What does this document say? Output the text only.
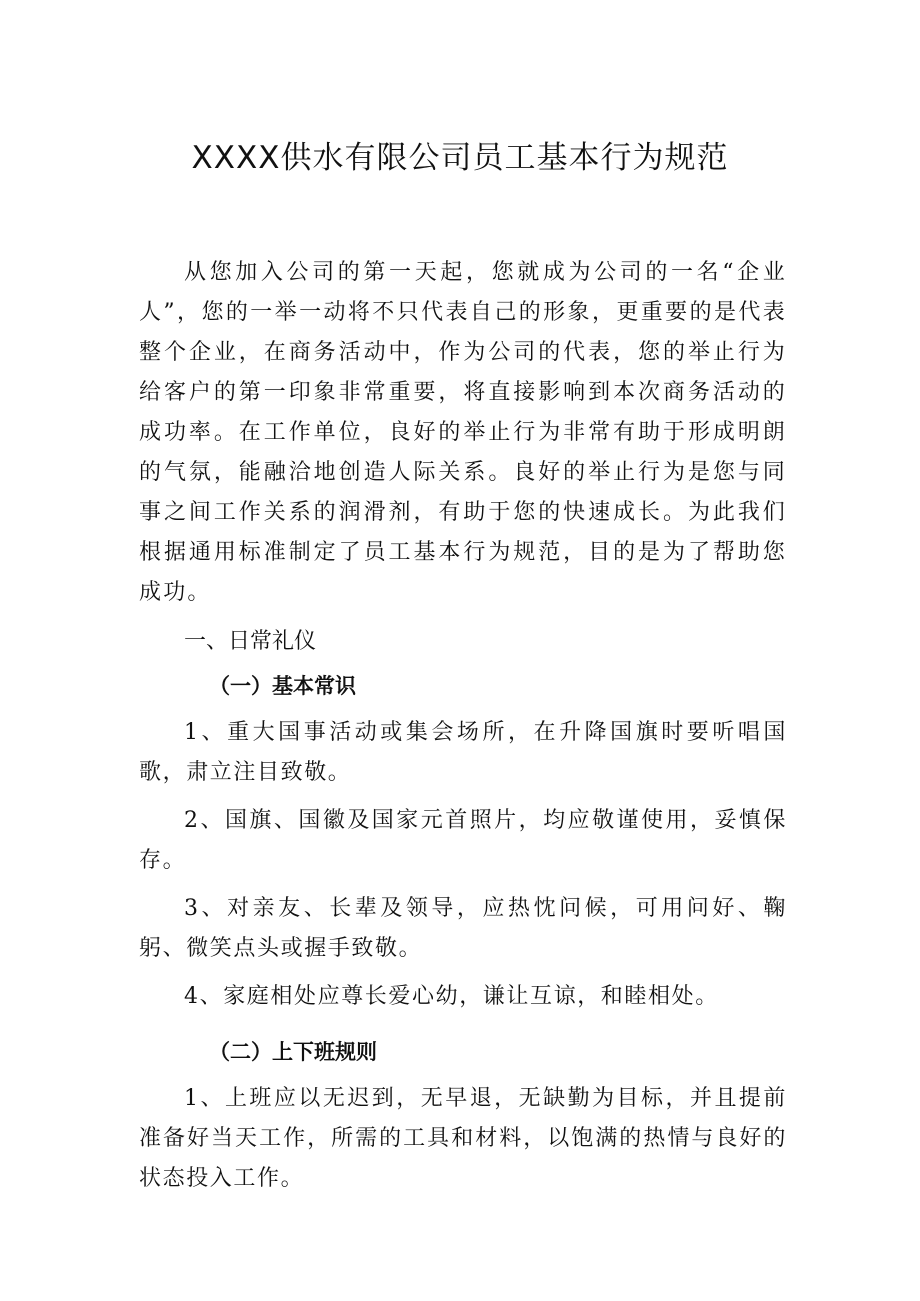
XXXX供水有限公司员工基本行为规范

从您加入公司的第一天起，您就成为公司的一名“企业人”，您的一举一动将不只代表自己的形象，更重要的是代表整个企业，在商务活动中，作为公司的代表，您的举止行为给客户的第一印象非常重要，将直接影响到本次商务活动的成功率。在工作单位，良好的举止行为非常有助于形成明朗的气氛，能融洽地创造人际关系。良好的举止行为是您与同事之间工作关系的润滑剂，有助于您的快速成长。为此我们根据通用标准制定了员工基本行为规范，目的是为了帮助您成功。

一、日常礼仪

（一）基本常识

1、重大国事活动或集会场所，在升降国旗时要听唱国歌，肃立注目致敬。

2、国旗、国徽及国家元首照片，均应敬谨使用，妥慎保存。

3、对亲友、长辈及领导，应热忱问候，可用问好、鞠躬、微笑点头或握手致敬。

4、家庭相处应尊长爱心幼，谦让互谅，和睦相处。

（二）上下班规则

1、上班应以无迟到，无早退，无缺勤为目标，并且提前准备好当天工作，所需的工具和材料，以饱满的热情与良好的状态投入工作。
